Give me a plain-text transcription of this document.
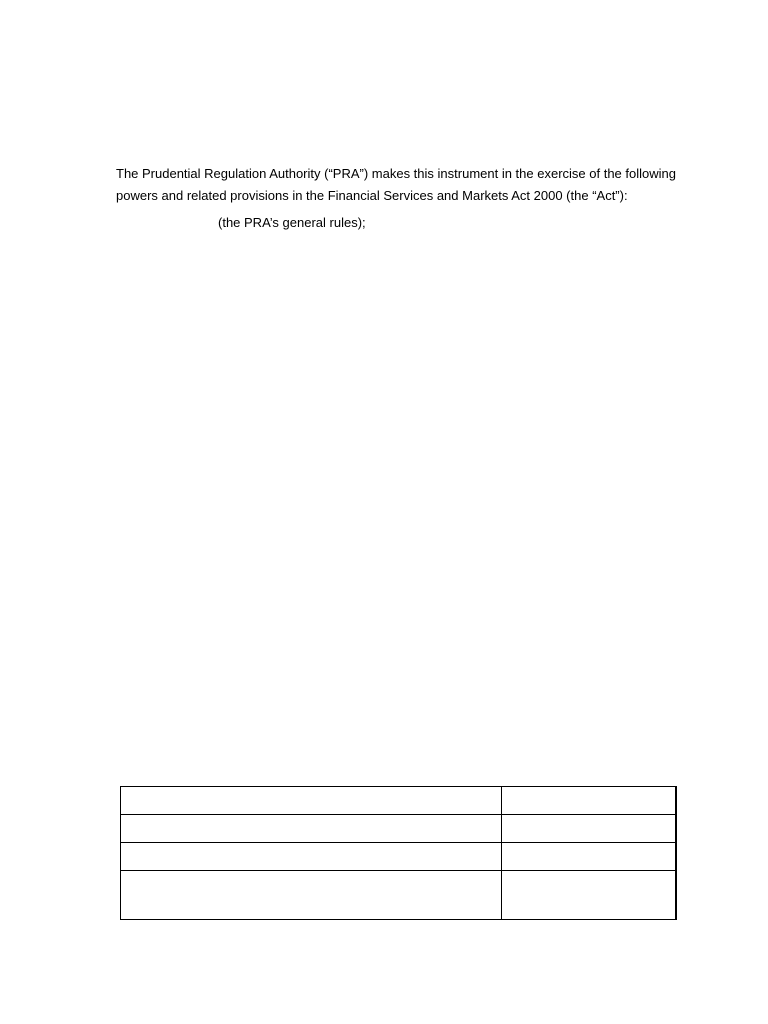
The Prudential Regulation Authority (“PRA”) makes this instrument in the exercise of the following
powers and related provisions in the Financial Services and Markets Act 2000 (the “Act”):

(the PRA’s general rules);
